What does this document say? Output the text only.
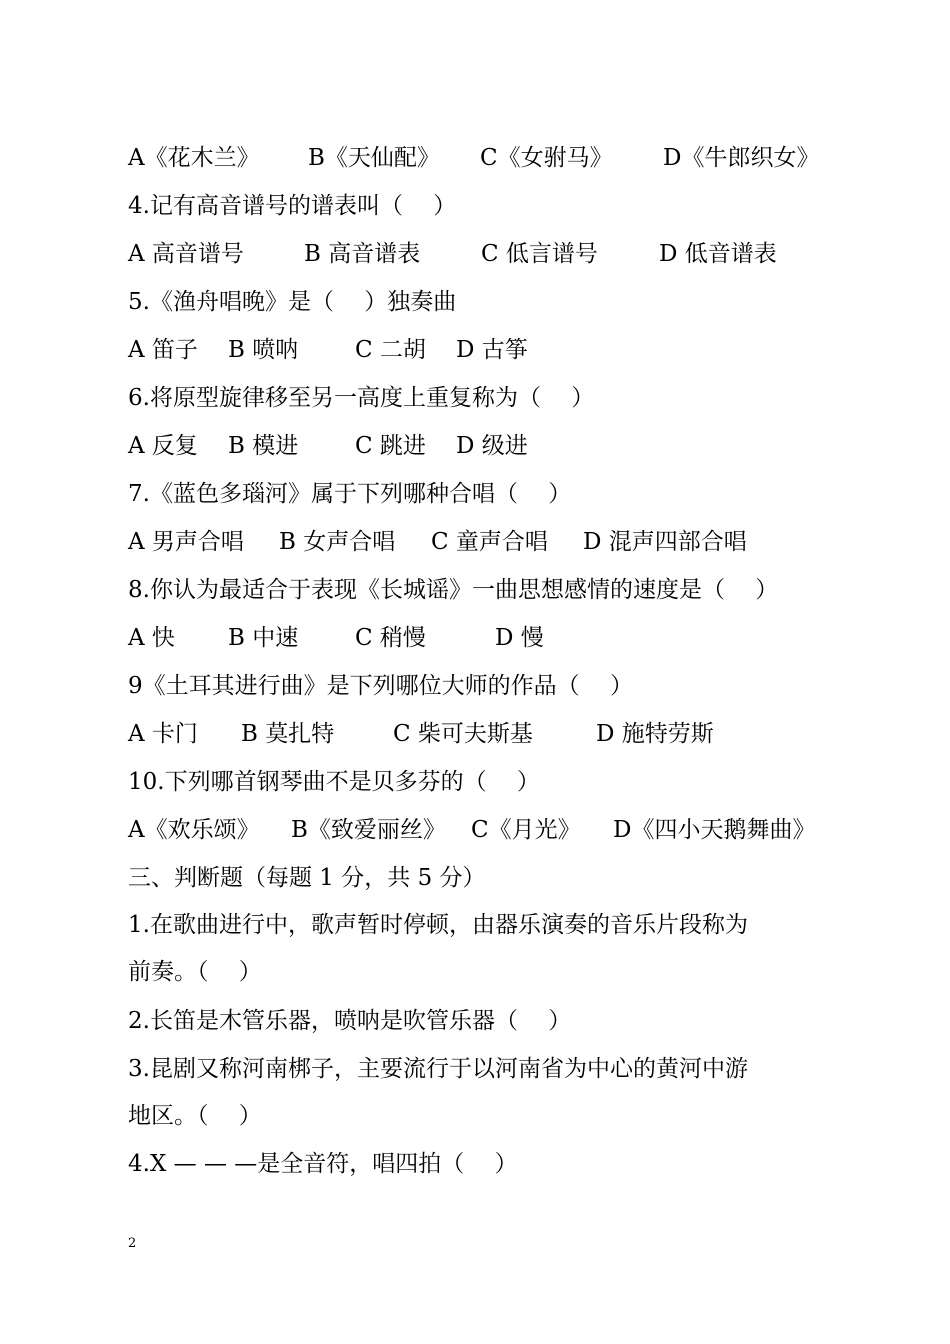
A《花木兰》

B《天仙配》

C《女驸马》

D《牛郎织女》

4.记有高音谱号的谱表叫（　 ）

A 高音谱号

	B 高音谱表

	C 低言谱号

	D 低音谱表

5.《渔舟唱晚》是（　 ）独奏曲

A 笛子

B 喷呐

C 二胡

D 古筝

6.将原型旋律移至另一高度上重复称为（　 ）

A 反复

B 模进

C 跳进

D 级进

7.《蓝色多瑙河》属于下列哪种合唱（　 ）

A 男声合唱

B 女声合唱

C 童声合唱

D 混声四部合唱

8.你认为最适合于表现《长城谣》一曲思想感情的速度是（　 ）

A 快

B 中速

C 稍慢

	D 慢

9《土耳其进行曲》是下列哪位大师的作品（　 ）

A 卡门

B 莫扎特

	C 柴可夫斯基

	D 施特劳斯

10.下列哪首钢琴曲不是贝多芬的（　 ）

A《欢乐颂》

B《致爱丽丝》

C《月光》

D《四小天鹅舞曲》

三、判断题（每题 1 分，共 5 分）
1.在歌曲进行中，歌声暂时停顿，由器乐演奏的音乐片段称为
前奏。（　 ）
2.长笛是木管乐器，喷呐是吹管乐器（　 ）
3.昆剧又称河南梆子，主要流行于以河南省为中心的黄河中游
地区。（　 ）
4.X — — —是全音符，唱四拍（　 ）
2
